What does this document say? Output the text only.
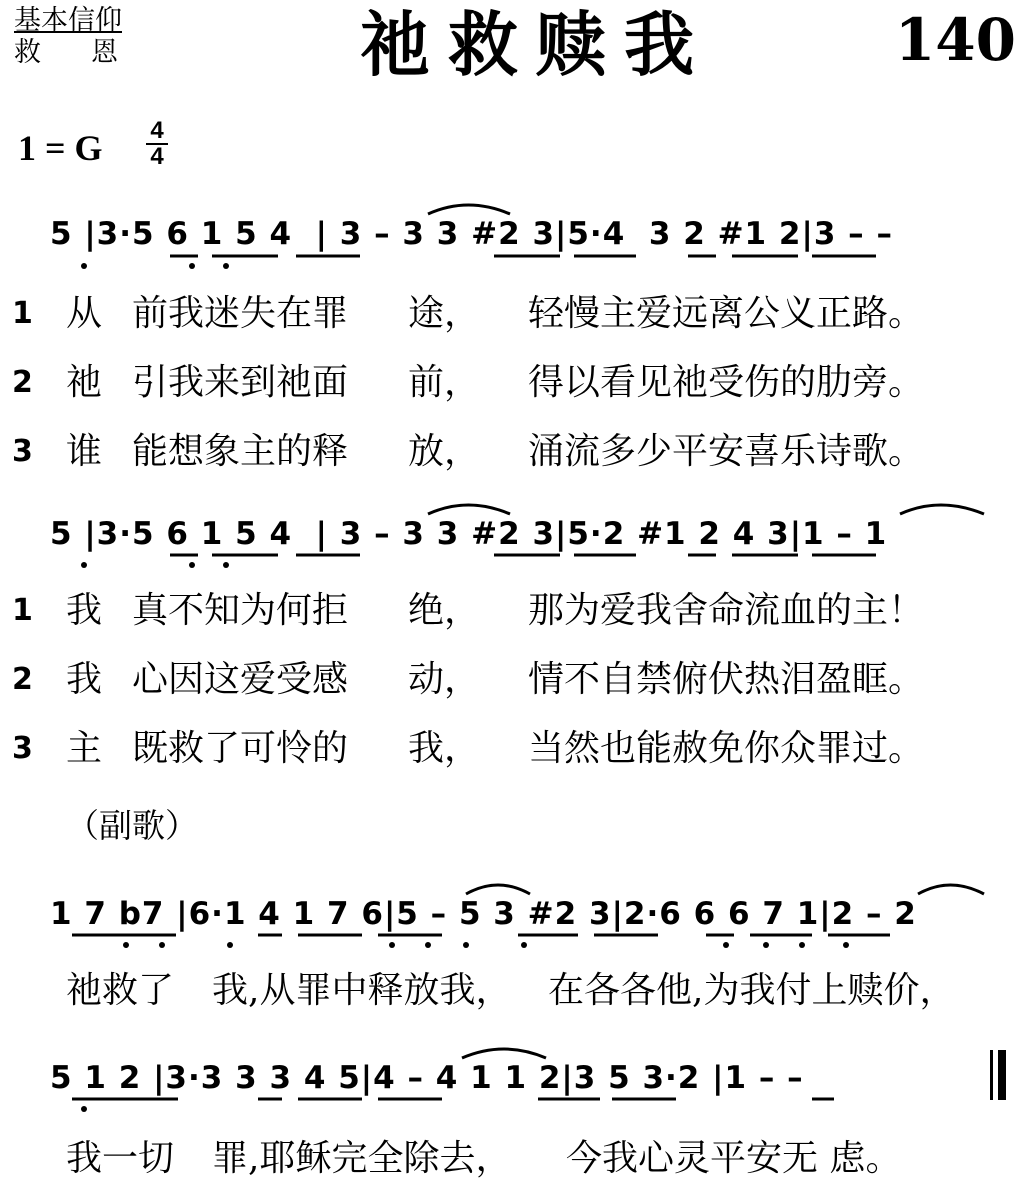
基本信仰
救恩	祂救赎我	140
1 = G 4
4
5 |3·5 6 1 5 4  | 3 – 3 3 #2 3|5·4  3 2 #1 2|3 – –
1 从 前我迷失在罪 途， 轻慢主爱远离公义正路。
2 祂 引我来到祂面 前， 得以看见祂受伤的肋旁。
3 谁 能想象主的释 放， 涌流多少平安喜乐诗歌。
5 |3·5 6 1 5 4  | 3 – 3 3 #2 3|5·2 #1 2 4 3|1 – 1
1 我 真不知为何拒 绝， 那为爱我舍命流血的主！
2 我 心因这爱受感 动， 情不自禁俯伏热泪盈眶。
3 主 既救了可怜的 我， 当然也能赦免你众罪过。
（副歌）
1 7 b7 |6·1 4 1 7 6|5 – 5 3 #2 3|2·6 6 6 7 1|2 – 2
祂救了 我,从罪中释放我， 在各各他,为我付上赎价，
5 1 2 |3·3 3 3 4 5|4 – 4 1 1 2|3 5 3·2 |1 – –
我一切 罪,耶稣完全除去， 今我心灵平安无 虑。
